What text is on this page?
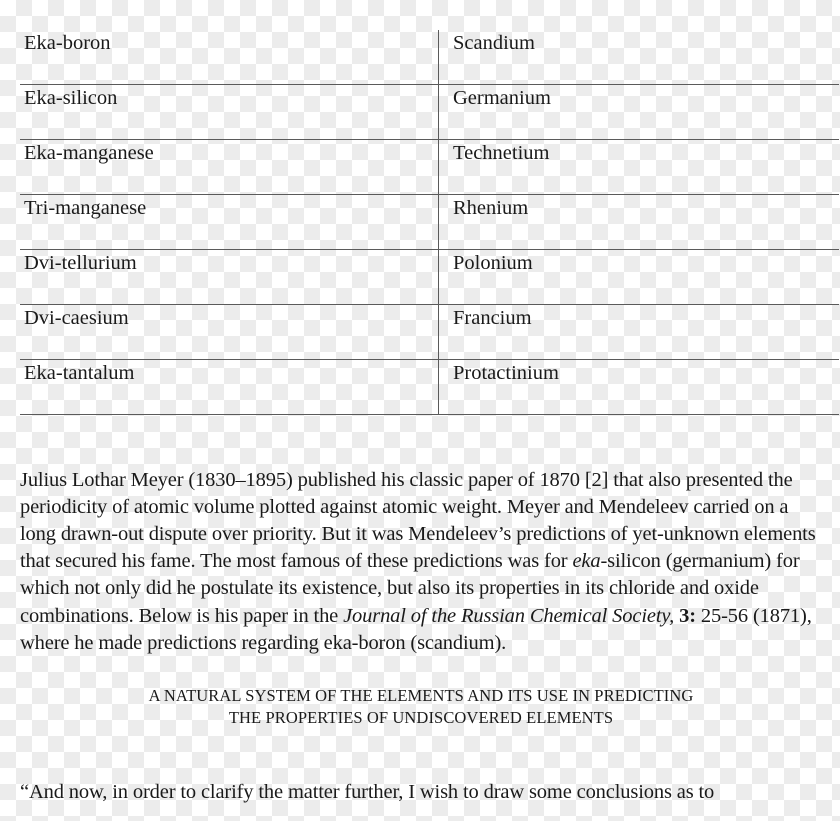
Eka-boron	Scandium

Eka-silicon	Germanium

Eka-manganese	Technetium

Tri-manganese	Rhenium

Dvi-tellurium	Polonium

Dvi-caesium	Francium

Eka-tantalum	Protactinium

Julius Lothar Meyer (1830–1895) published his classic paper of 1870 [2] that also presented the periodicity of atomic volume plotted against atomic weight. Meyer and Mendeleev carried on a long drawn-out dispute over priority. But it was Mendeleev’s predictions of yet-unknown elements that secured his fame. The most famous of these predictions was for eka-silicon (germanium) for which not only did he postulate its existence, but also its properties in its chloride and oxide combinations. Below is his paper in the Journal of the Russian Chemical Society, 3: 25-56 (1871), where he made predictions regarding eka-boron (scandium).

A NATURAL SYSTEM OF THE ELEMENTS AND ITS USE IN PREDICTING
THE PROPERTIES OF UNDISCOVERED ELEMENTS

“And now, in order to clarify the matter further, I wish to draw some conclusions as to
